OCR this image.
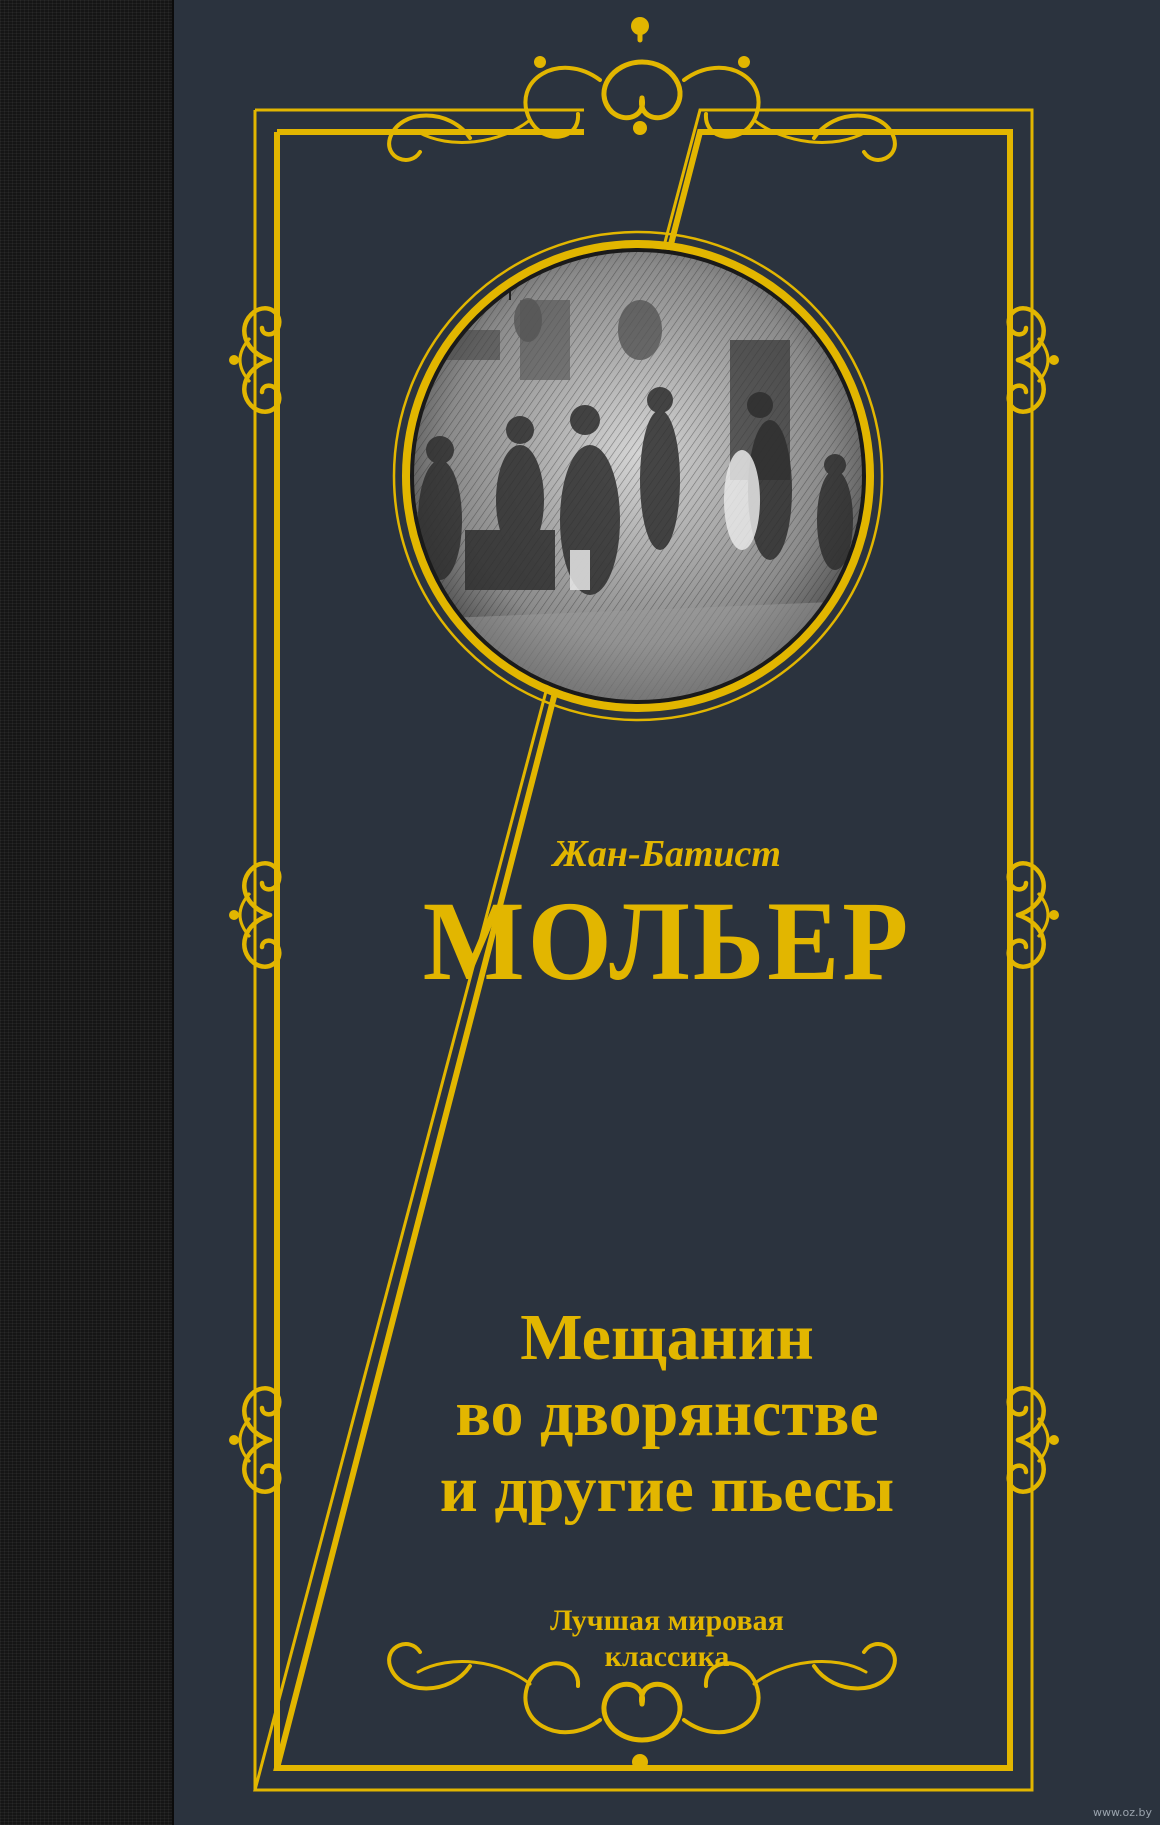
Жан-Батист

МОЛЬЕР

Мещанин
во дворянстве
и другие пьесы
Лучшая мировая
классика
www.oz.by
